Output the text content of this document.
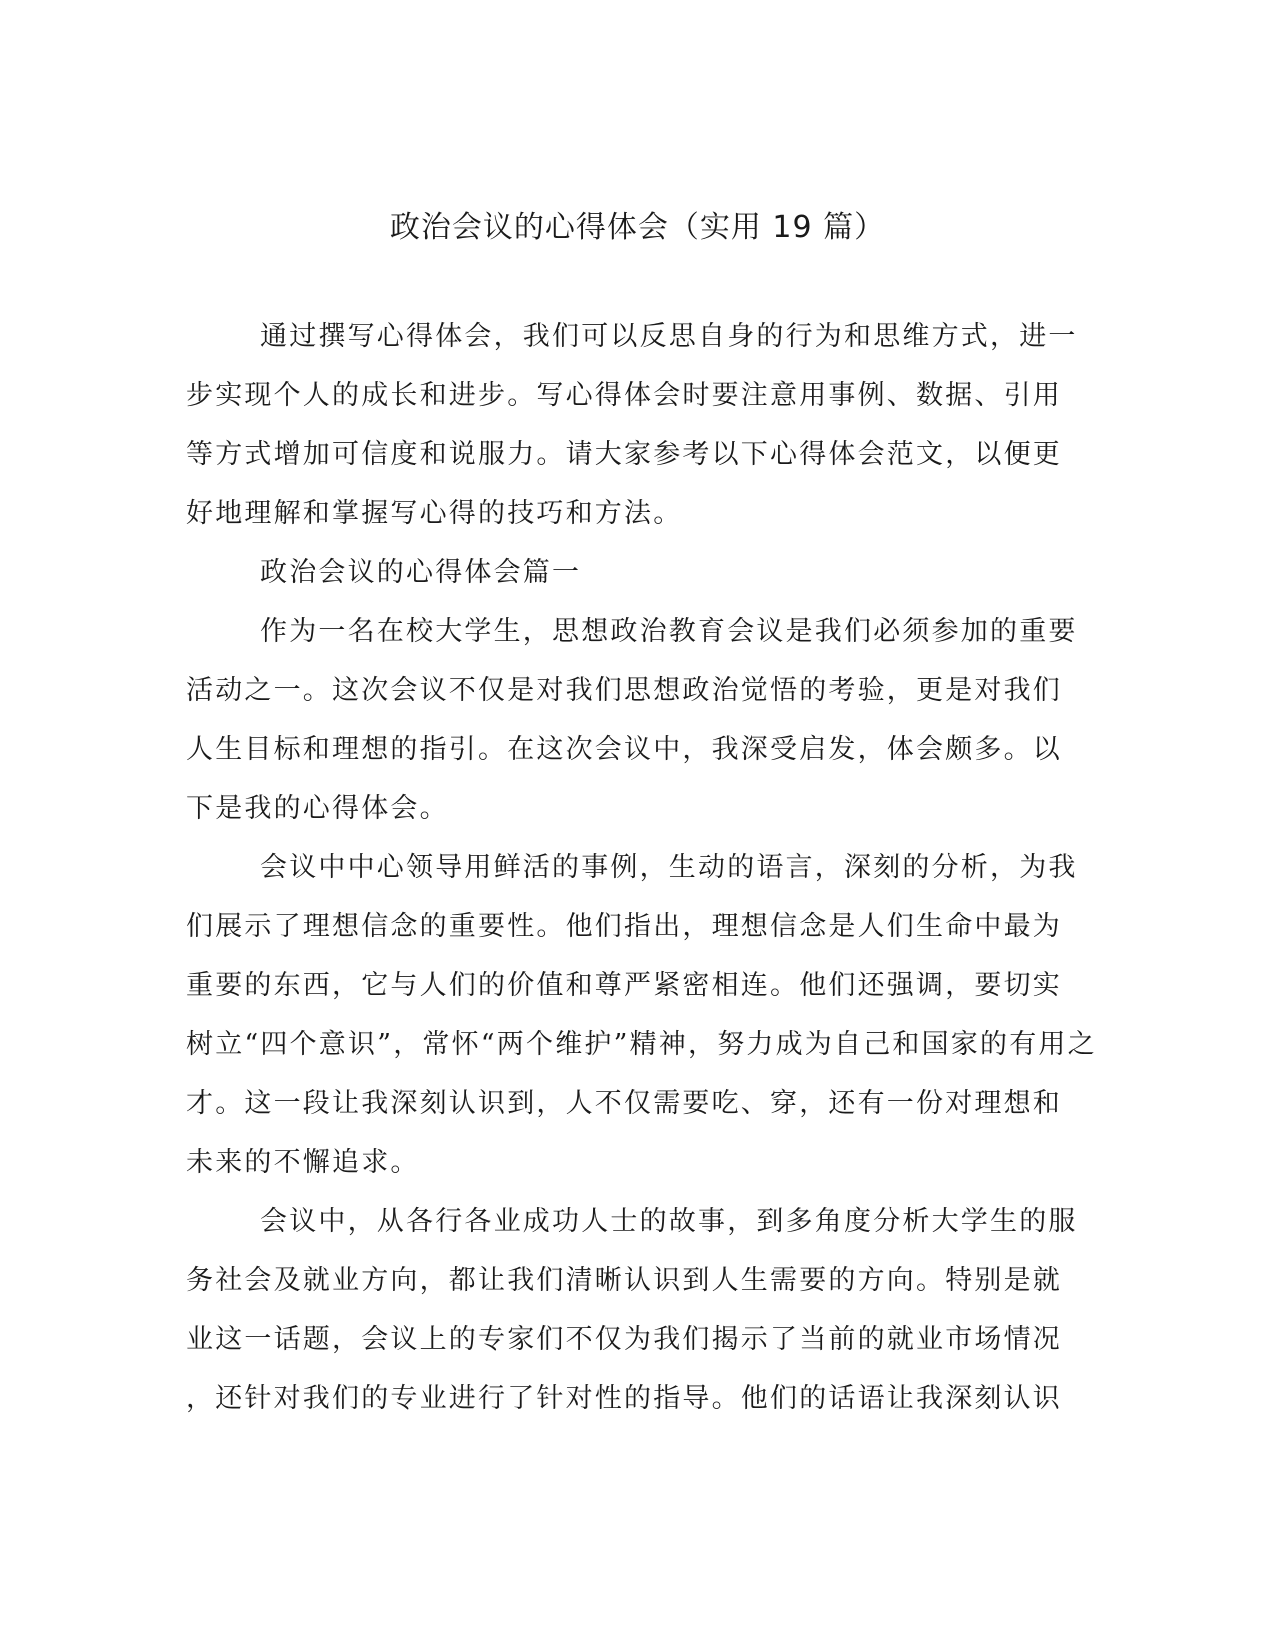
政治会议的心得体会（实用 19 篇）
通过撰写心得体会，我们可以反思自身的行为和思维方式，进一
步实现个人的成长和进步。写心得体会时要注意用事例、数据、引用
等方式增加可信度和说服力。请大家参考以下心得体会范文，以便更
好地理解和掌握写心得的技巧和方法。
政治会议的心得体会篇一
作为一名在校大学生，思想政治教育会议是我们必须参加的重要
活动之一。这次会议不仅是对我们思想政治觉悟的考验，更是对我们
人生目标和理想的指引。在这次会议中，我深受启发，体会颇多。以
下是我的心得体会。
会议中中心领导用鲜活的事例，生动的语言，深刻的分析，为我
们展示了理想信念的重要性。他们指出，理想信念是人们生命中最为
重要的东西，它与人们的价值和尊严紧密相连。他们还强调，要切实
树立“四个意识”，常怀“两个维护”精神，努力成为自己和国家的有用之
才。这一段让我深刻认识到，人不仅需要吃、穿，还有一份对理想和
未来的不懈追求。
会议中，从各行各业成功人士的故事，到多角度分析大学生的服
务社会及就业方向，都让我们清晰认识到人生需要的方向。特别是就
业这一话题，会议上的专家们不仅为我们揭示了当前的就业市场情况
，还针对我们的专业进行了针对性的指导。他们的话语让我深刻认识
